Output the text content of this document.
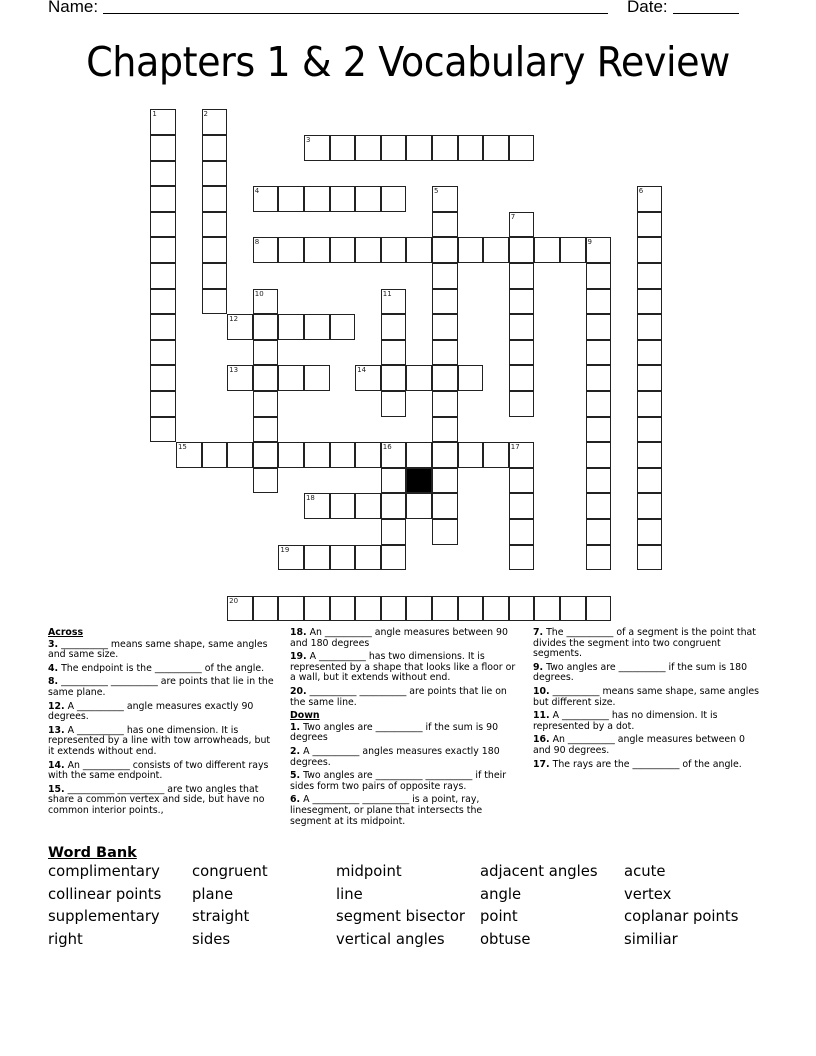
Name:	Date:
Chapters 1 & 2 Vocabulary Review
1	2
3
4	5	6
7
8	9
10	11
12
13	14
15	16	17
18
19
20
Across
3. __________ means same shape, same angles and same size.
4. The endpoint is the __________ of the angle.
8. __________ __________ are points that lie in the same plane.
12. A __________ angle measures exactly 90 degrees.
13. A __________ has one dimension. It is represented by a line with tow arrowheads, but it extends without end.
14. An __________ consists of two different rays with the same endpoint.
15. __________ __________ are two angles that share a common vertex and side, but have no common interior points.,
18. An __________ angle measures between 90 and 180 degrees
19. A __________ has two dimensions. It is represented by a shape that looks like a floor or a wall, but it extends without end.
20. __________ __________ are points that lie on the same line.
Down
1. Two angles are __________ if the sum is 90 degrees
2. A __________ angles measures exactly 180 degrees.
5. Two angles are __________ __________ if their sides form two pairs of opposite rays.
6. A __________ __________ is a point, ray, linesegment, or plane that intersects the segment at its midpoint.
7. The __________ of a segment is the point that divides the segment into two congruent segments.
9. Two angles are __________ if the sum is 180 degrees.
10. __________ means same shape, same angles but different size.
11. A __________ has no dimension. It is represented by a dot.
16. An __________ angle measures between 0 and 90 degrees.
17. The rays are the __________ of the angle.
Word Bank
complimentary
collinear points
supplementary
right
congruent
plane
straight
sides
midpoint
line
segment bisector
vertical angles
adjacent angles
angle
point
obtuse
acute
vertex
coplanar points
similiar
